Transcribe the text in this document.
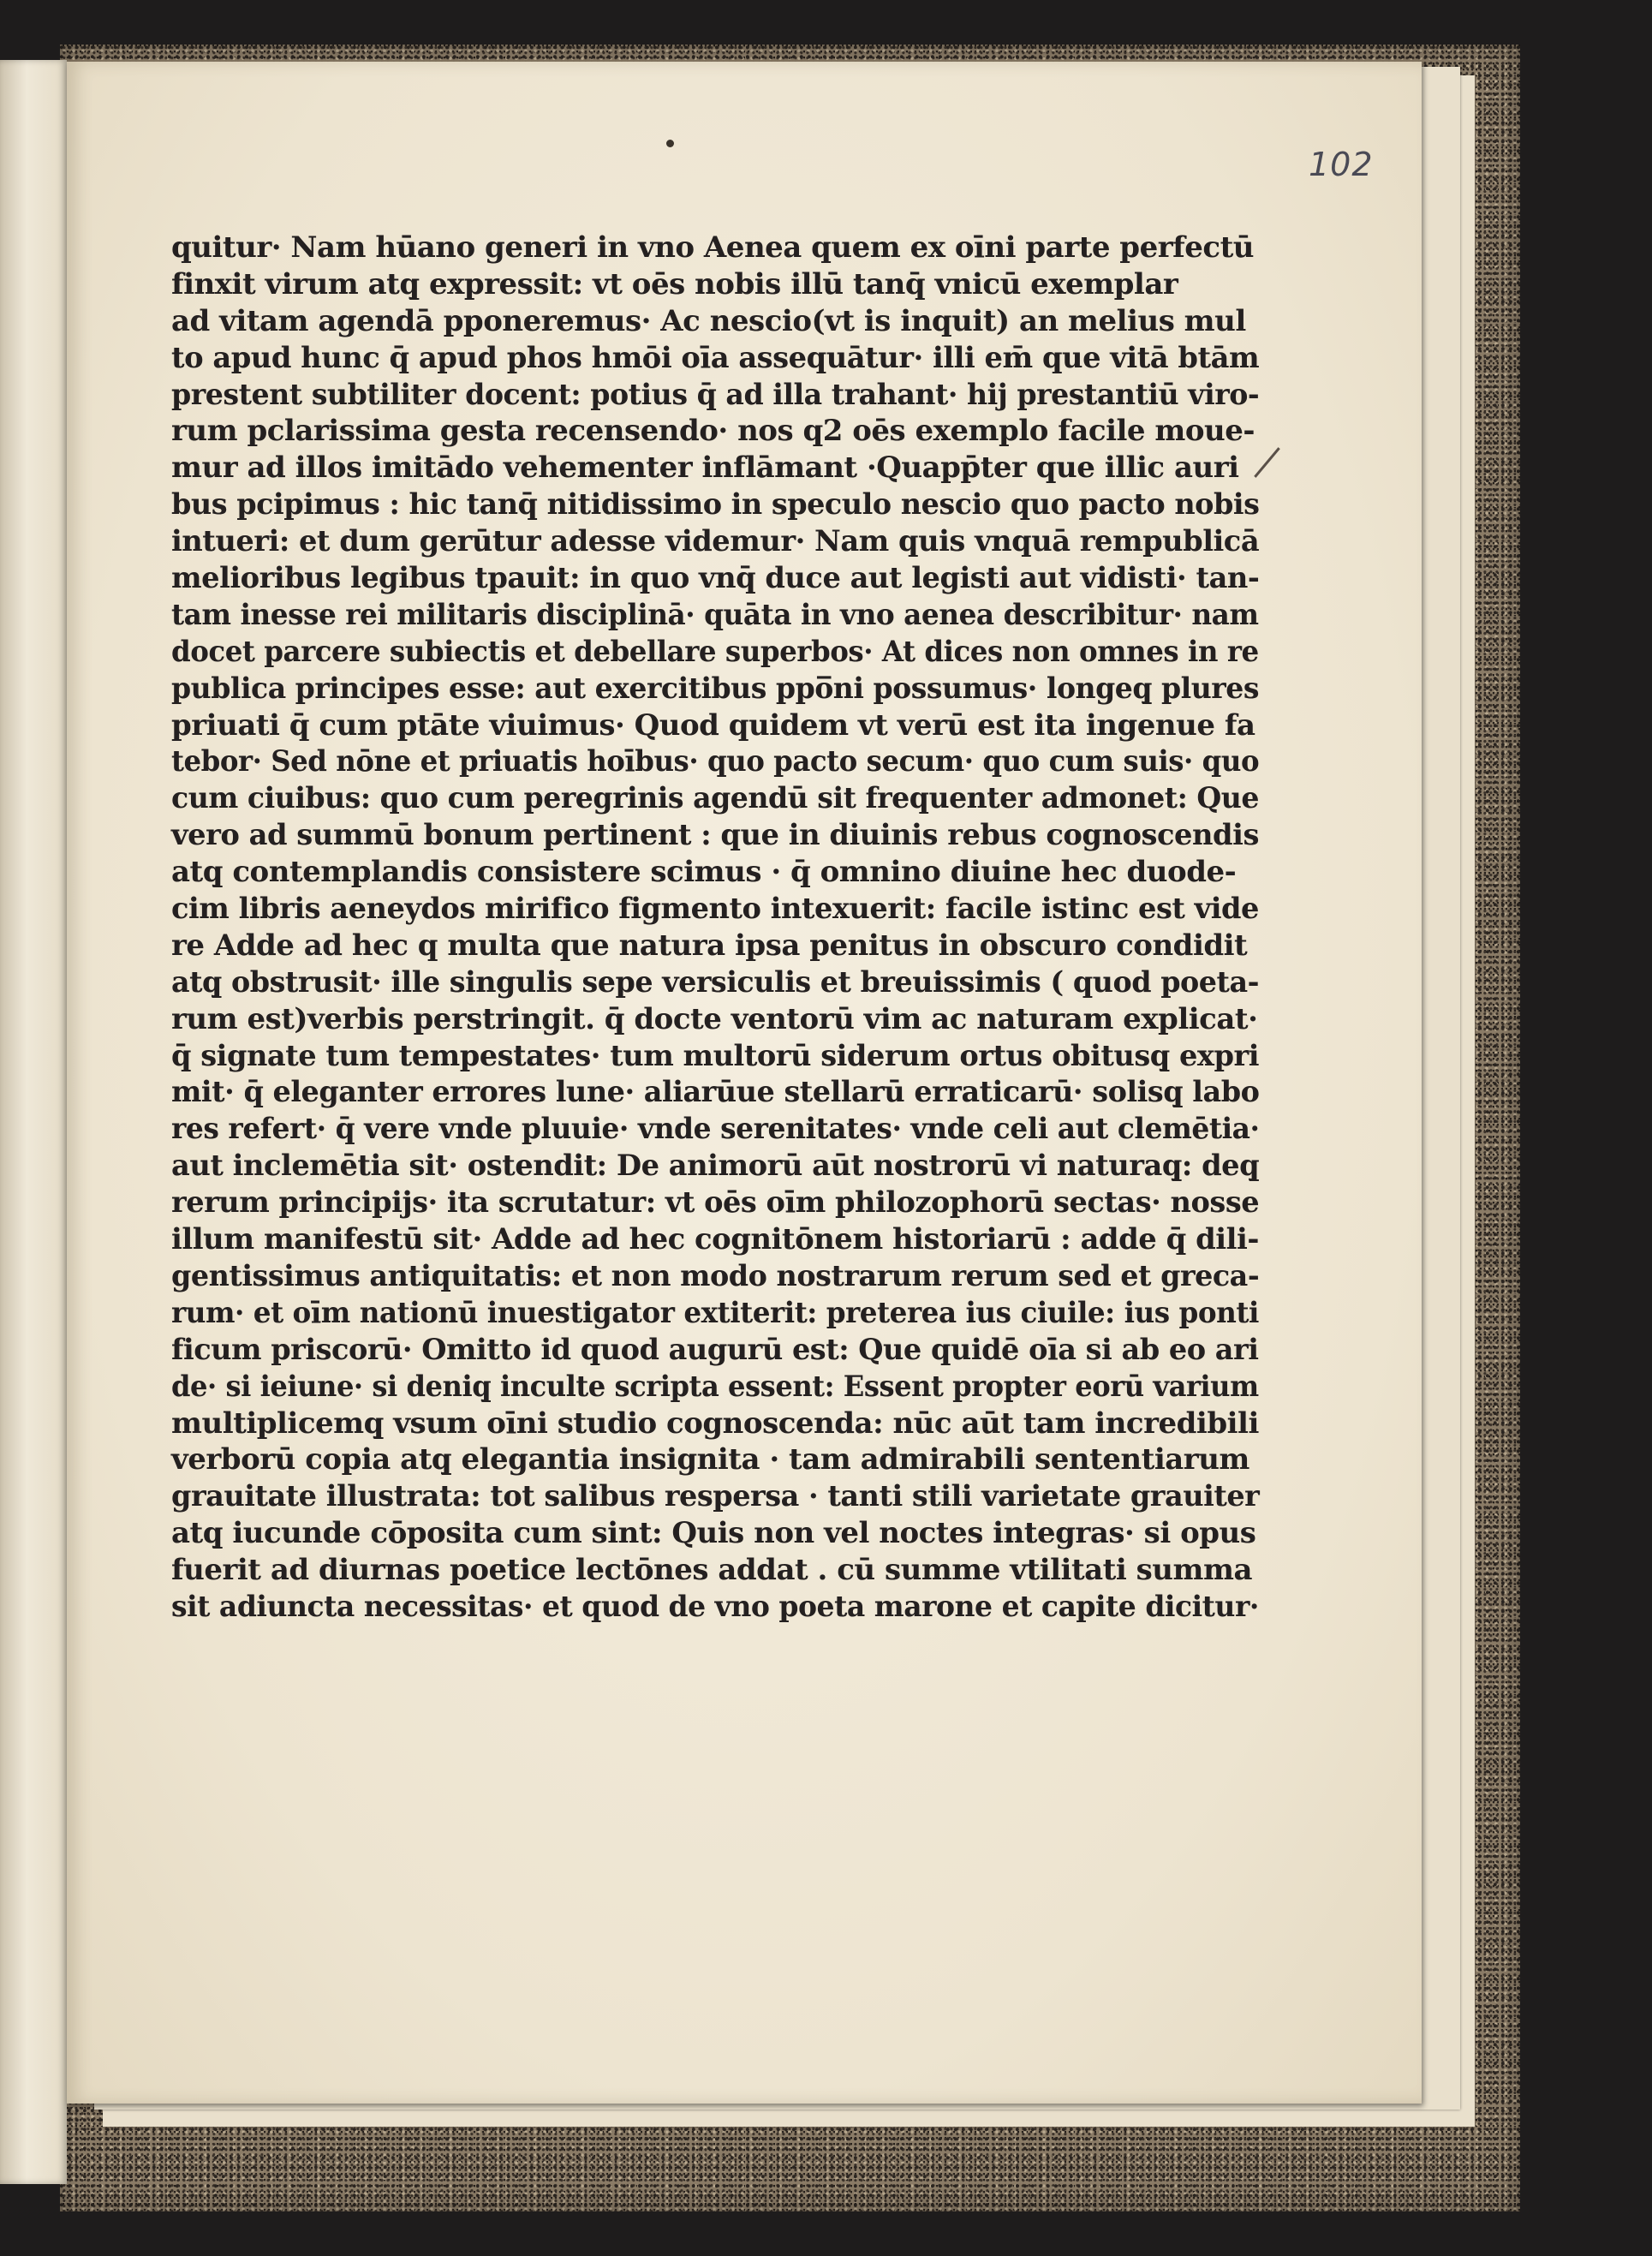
102
quitur· Nam hūano generi in vno Aenea quem ex oīni parte perfectū
finxit virum atq̧ expressit: vt oēs nobis illū tanq̄ vnicū exemplar
ad vitam agendā pponeremus· Ac nescio(vt is inquit) an melius mul
to apud hunc q̄ apud phos hmōi oīa assequātur· illi em̄ que vitā btām
prestent subtiliter docent: potius q̄ ad illa trahant· hij prestantiū viro-
rum pclarissima gesta recensendo· nos q2 oēs exemplo facile moue-
mur ad illos imitādo vehementer inflāmant ·Quapp̄ter que illic auri
bus pcipimus : hic tanq̄ nitidissimo in speculo nescio quo pacto nobis
intueri: et dum gerūtur adesse videmur· Nam quis vnquā rempublicā
melioribus legibus tpauit: in quo vnq̄ duce aut legisti aut vidisti· tan-
tam inesse rei militaris disciplinā· quāta in vno aenea describitur· nam
docet parcere subiectis et debellare superbos· At dices non omnes in re
publica principes esse: aut exercitibus ppo̅ni possumus· longeq̧ plures
priuati q̄ cum ptāte viuimus· Quod quidem vt verū est ita ingenue fa
tebor· Sed nōne et priuatis hoībus· quo pacto secum· quo cum suis· quo
cum ciuibus: quo cum peregrinis agendū sit frequenter admonet: Que
vero ad summū bonum pertinent : que in diuinis rebus cognoscendis
atq̧ contemplandis consistere scimus · q̄ omnino diuine hec duode-
cim libris aeneydos mirifico figmento intexuerit: facile istinc est vide
re Adde ad hec q multa que natura ipsa penitus in obscuro condidit
atq̧ obstrusit· ille singulis sepe versiculis et breuissimis ( quod poeta-
rum est)verbis perstringit. q̄ docte ventorū vim ac naturam explicat·
q̄ signate tum tempestates· tum multorū siderum ortus obitusq̧ expri
mit· q̄ eleganter errores lune· aliarūue stellarū erraticarū· solisq̧ labo
res refert· q̄ vere vnde pluuie· vnde serenitates· vnde celi aut clemētia·
aut inclemētia sit· ostendit: De animorū aūt nostrorū vi naturaq̧: deq̧
rerum principijs· ita scrutatur: vt oēs oīm philozophorū sectas· nosse
illum manifestū sit· Adde ad hec cognitōnem historiarū : adde q̄ dili-
gentissimus antiquitatis: et non modo nostrarum rerum sed et greca-
rum· et oīm nationū inuestigator extiterit: preterea ius ciuile: ius ponti
ficum priscorū· Omitto id quod augurū est: Que quidē oīa si ab eo ari
de· si ieiune· si deniq̧ inculte scripta essent: Essent propter eorū varium
multiplicemq̧ vsum oīni studio cognoscenda: nūc aūt tam incredibili
verborū copia atq̧ elegantia insignita · tam admirabili sententiarum
grauitate illustrata: tot salibus respersa · tanti stili varietate grauiter
atq̧ iucunde cōposita cum sint: Quis non vel noctes integras· si opus
fuerit ad diurnas poetice lectōnes addat . cū summe vtilitati summa
sit adiuncta necessitas· et quod de vno poeta marone et capite dicitur·
